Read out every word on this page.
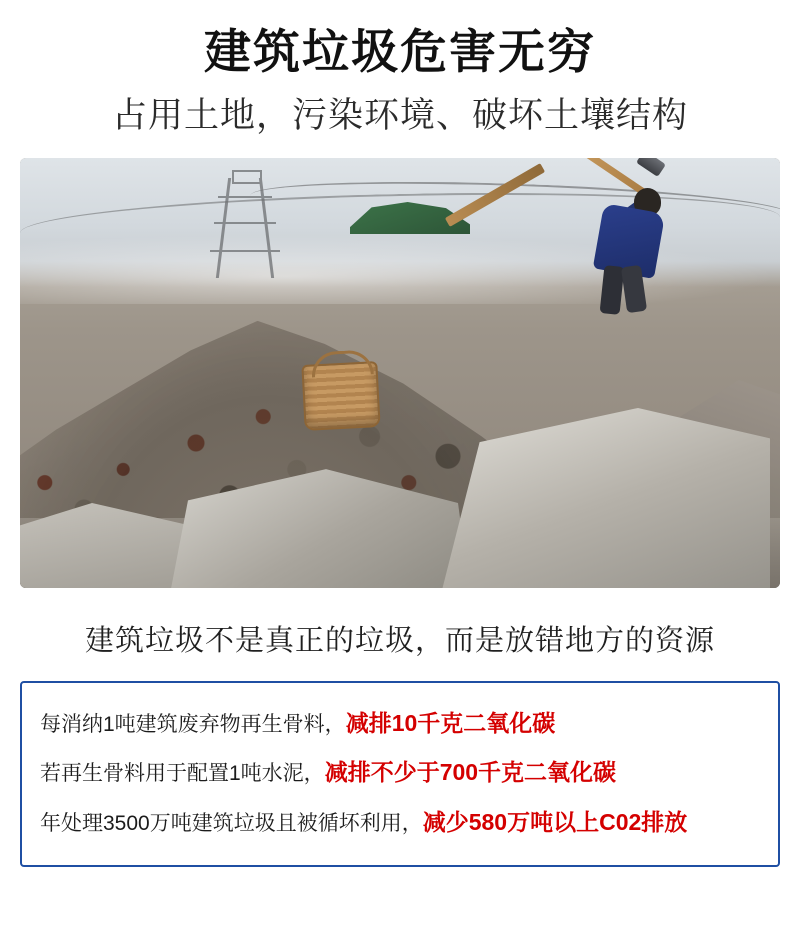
建筑垃圾危害无穷
占用土地，污染环境、破坏土壤结构
建筑垃圾不是真正的垃圾，而是放错地方的资源
每消纳1吨建筑废弃物再生骨料，减排10千克二氧化碳
若再生骨料用于配置1吨水泥，减排不少于700千克二氧化碳
年处理3500万吨建筑垃圾且被循坏利用，减少580万吨以上C02排放
